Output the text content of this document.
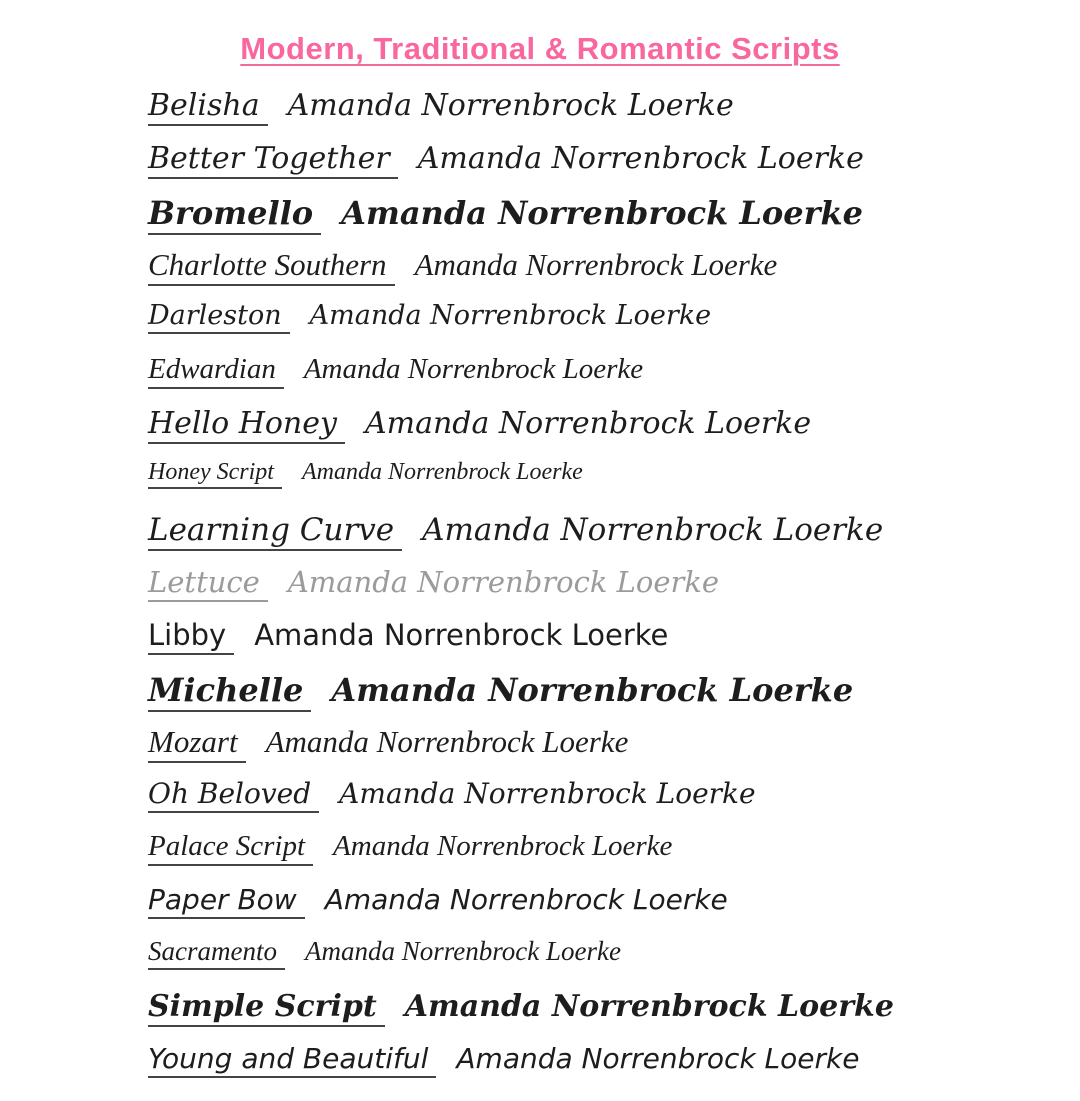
Modern, Traditional & Romantic Scripts
Belisha Amanda Norrenbrock Loerke
Better Together Amanda Norrenbrock Loerke
Bromello Amanda Norrenbrock Loerke
Charlotte Southern Amanda Norrenbrock Loerke
Darleston Amanda Norrenbrock Loerke
Edwardian Amanda Norrenbrock Loerke
Hello Honey Amanda Norrenbrock Loerke
Honey Script	Amanda Norrenbrock Loerke
Learning Curve Amanda Norrenbrock Loerke
Lettuce Amanda Norrenbrock Loerke
Libby Amanda Norrenbrock Loerke
Michelle Amanda Norrenbrock Loerke
Mozart Amanda Norrenbrock Loerke
Oh Beloved Amanda Norrenbrock Loerke
Palace Script Amanda Norrenbrock Loerke
Paper Bow Amanda Norrenbrock Loerke
Sacramento Amanda Norrenbrock Loerke
Simple Script Amanda Norrenbrock Loerke
Young and Beautiful Amanda Norrenbrock Loerke
